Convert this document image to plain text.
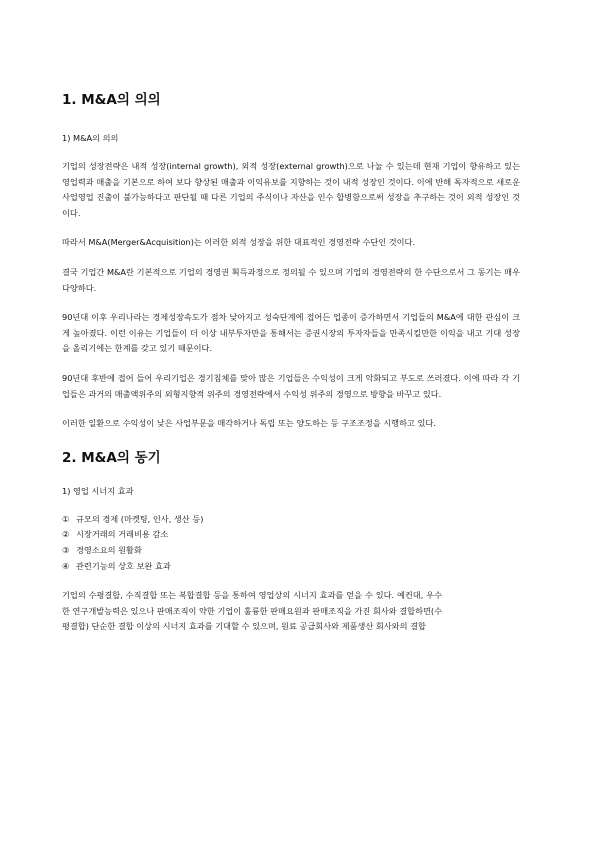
1. M&A의 의의

1) M&A의 의의

기업의 성장전략은 내적 성장(internal growth), 외적 성장(external growth)으로 나눌 수 있는데 현재 기업이 향유하고 있는 영업력과 매출을 기본으로 하여 보다 향상된 매출과 이익유보를 지향하는 것이 내적 성장인 것이다. 이에 반해 독자적으로 새로운 사업영업 진출이 불가능하다고 판단될 때 다른 기업의 주식이나 자산을 인수 합병함으로써 성장을 추구하는 것이 외적 성장인 것이다.

따라서 M&A(Merger&Acquisition)는 이러한 외적 성장을 위한 대표적인 경영전략 수단인 것이다.

결국 기업간 M&A란 기본적으로 기업의 경영권 획득과정으로 정의될 수 있으며 기업의 경영전략의 한 수단으로서 그 동기는 매우 다양하다.

90년대 이후 우리나라는 경제성장속도가 점차 낮아지고 성숙단계에 접어든 업종이 증가하면서 기업들의 M&A에 대한 관심이 크게 높아졌다. 이런 이유는 기업들이 더 이상 내부투자만을 통해서는 증권시장의 투자자들을 만족시킬만한 이익을 내고 기대 성장을 올리기에는 한계를 갖고 있기 때문이다.

90년대 후반에 접어 들어 우리기업은 경기침체를 맞아 많은 기업들은 수익성이 크게 악화되고 부도로 쓰러졌다. 이에 따라 각 기업들은 과거의 매출액위주의 외형지향적 위주의 경영전략에서 수익성 위주의 경영으로 방향을 바꾸고 있다.

이러한 일환으로 수익성이 낮은 사업부문을 매각하거나 독립 또는 양도하는 등 구조조정을 시행하고 있다.

2. M&A의 동기

1) 영업 시너지 효과

① 규모의 경제 (마켓팅, 인사, 생산 등)

② 시장거래의 거래비용 감소

③ 경영소요의 원활화

④ 관련기능의 상호 보완 효과

기업의 수평결합, 수직결합 또는 복합결합 등을 통하여 영업상의 시너지 효과를 얻을 수 있다. 예컨대, 우수한 연구개발능력은 있으나 판매조직이 약한 기업이 훌륭한 판매요원과 판매조직을 가진 회사와 결합하면(수평결합) 단순한 결합 이상의 시너지 효과를 기대할 수 있으며, 원료 공급회사와 제품생산 회사와의 결합
